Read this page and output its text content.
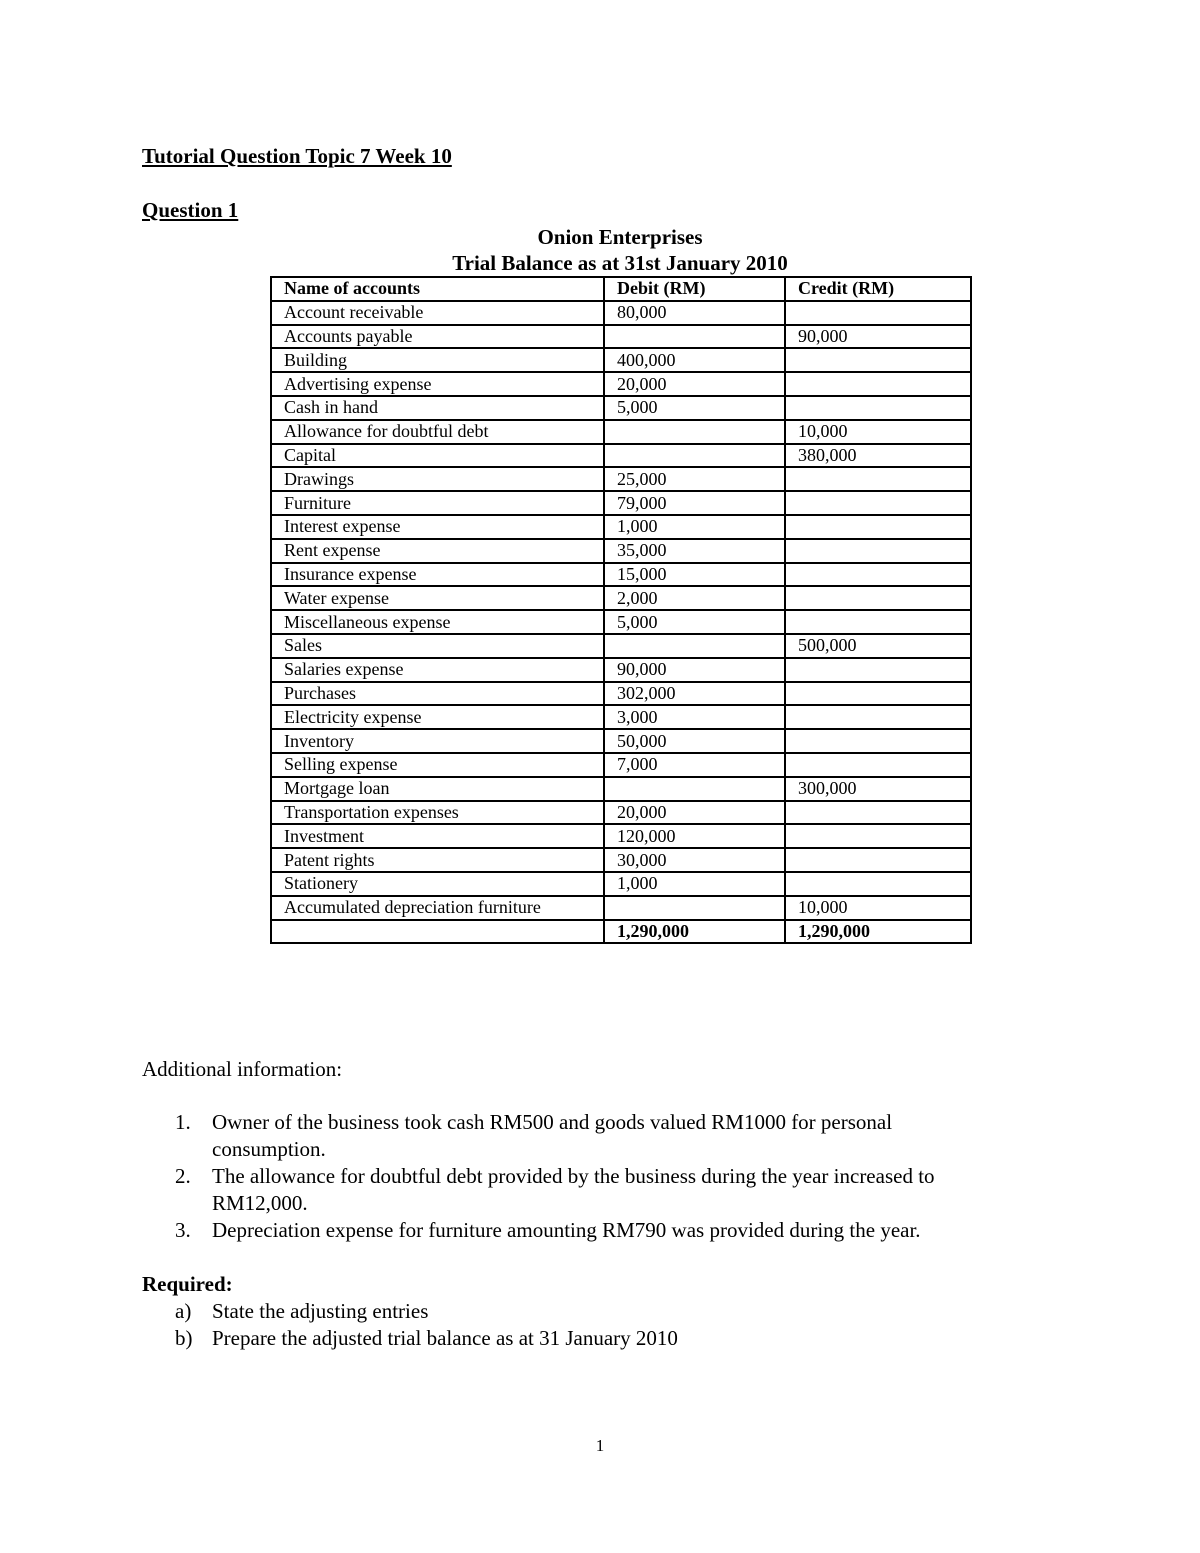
Tutorial Question Topic 7 Week 10
Question 1
Onion Enterprises
Trial Balance as at 31st January 2010
Name of accounts	Debit (RM)	Credit (RM)
Account receivable	80,000	
Accounts payable		90,000
Building	400,000	
Advertising expense	20,000	
Cash in hand	5,000	
Allowance for doubtful debt		10,000
Capital		380,000
Drawings	25,000	
Furniture	79,000	
Interest expense	1,000	
Rent expense	35,000	
Insurance expense	15,000	
Water expense	2,000	
Miscellaneous expense	5,000	
Sales		500,000
Salaries expense	90,000	
Purchases	302,000	
Electricity expense	3,000	
Inventory	50,000	
Selling expense	7,000	
Mortgage loan		300,000
Transportation expenses	20,000	
Investment	120,000	
Patent rights	30,000	
Stationery	1,000	
Accumulated depreciation furniture		10,000
	1,290,000	1,290,000
Additional information:
1. Owner of the business took cash RM500 and goods valued RM1000 for personal
consumption.
2. The allowance for doubtful debt provided by the business during the year increased to
RM12,000.
3. Depreciation expense for furniture amounting RM790 was provided during the year.
Required:
a) State the adjusting entries
b) Prepare the adjusted trial balance as at 31 January 2010
1
